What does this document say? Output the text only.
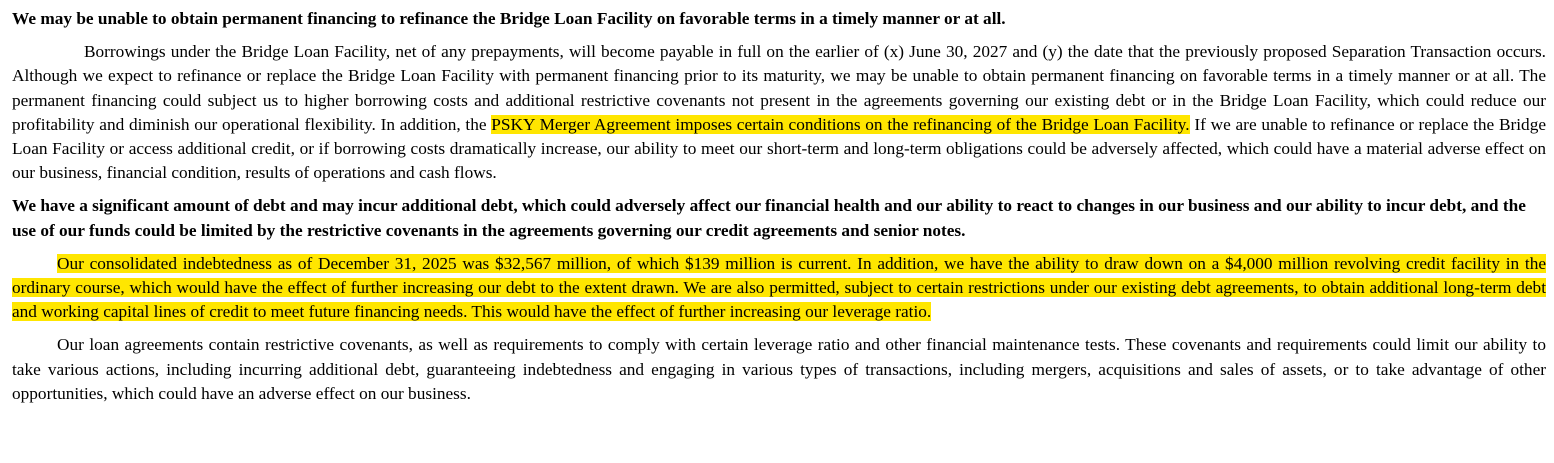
We may be unable to obtain permanent financing to refinance the Bridge Loan Facility on favorable terms in a timely manner or at all.
Borrowings under the Bridge Loan Facility, net of any prepayments, will become payable in full on the earlier of (x) June 30, 2027 and (y) the date that the previously proposed Separation Transaction occurs. Although we expect to refinance or replace the Bridge Loan Facility with permanent financing prior to its maturity, we may be unable to obtain permanent financing on favorable terms in a timely manner or at all. The permanent financing could subject us to higher borrowing costs and additional restrictive covenants not present in the agreements governing our existing debt or in the Bridge Loan Facility, which could reduce our profitability and diminish our operational flexibility. In addition, the PSKY Merger Agreement imposes certain conditions on the refinancing of the Bridge Loan Facility. If we are unable to refinance or replace the Bridge Loan Facility or access additional credit, or if borrowing costs dramatically increase, our ability to meet our short-term and long-term obligations could be adversely affected, which could have a material adverse effect on our business, financial condition, results of operations and cash flows.
We have a significant amount of debt and may incur additional debt, which could adversely affect our financial health and our ability to react to changes in our business and our ability to incur debt, and the use of our funds could be limited by the restrictive covenants in the agreements governing our credit agreements and senior notes.
Our consolidated indebtedness as of December 31, 2025 was $32,567 million, of which $139 million is current. In addition, we have the ability to draw down on a $4,000 million revolving credit facility in the ordinary course, which would have the effect of further increasing our debt to the extent drawn. We are also permitted, subject to certain restrictions under our existing debt agreements, to obtain additional long-term debt and working capital lines of credit to meet future financing needs. This would have the effect of further increasing our leverage ratio.
Our loan agreements contain restrictive covenants, as well as requirements to comply with certain leverage ratio and other financial maintenance tests. These covenants and requirements could limit our ability to take various actions, including incurring additional debt, guaranteeing indebtedness and engaging in various types of transactions, including mergers, acquisitions and sales of assets, or to take advantage of other opportunities, which could have an adverse effect on our business.
